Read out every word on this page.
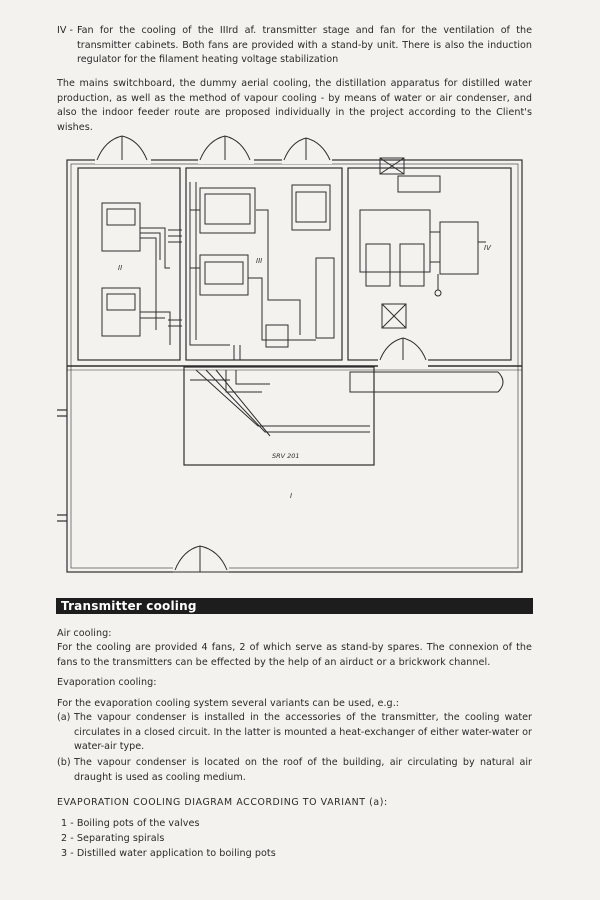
IV - Fan for the cooling of the IIIrd af. transmitter stage and fan for the ventilation of the transmitter cabinets. Both fans are provided with a stand-by unit. There is also the induction regulator for the filament heating voltage stabilization
The mains switchboard, the dummy aerial cooling, the distillation apparatus for distilled water production, as well as the method of vapour cooling - by means of water or air condenser, and also the indoor feeder route are proposed individually in the project according to the Client's wishes.
II
III
IV
I
SRV 201
Transmitter cooling
Air cooling:
For the cooling are provided 4 fans, 2 of which serve as stand-by spares. The connexion of the fans to the transmitters can be effected by the help of an airduct or a brickwork channel.
Evaporation cooling:
For the evaporation cooling system several variants can be used, e.g.:
(a) The vapour condenser is installed in the accessories of the transmitter, the cooling water circulates in a closed circuit. In the latter is mounted a heat-exchanger of either water-water or water-air type.
(b) The vapour condenser is located on the roof of the building, air circulating by natural air draught is used as cooling medium.
EVAPORATION COOLING DIAGRAM ACCORDING TO VARIANT (a):
1 - Boiling pots of the valves
2 - Separating spirals
3 - Distilled water application to boiling pots
